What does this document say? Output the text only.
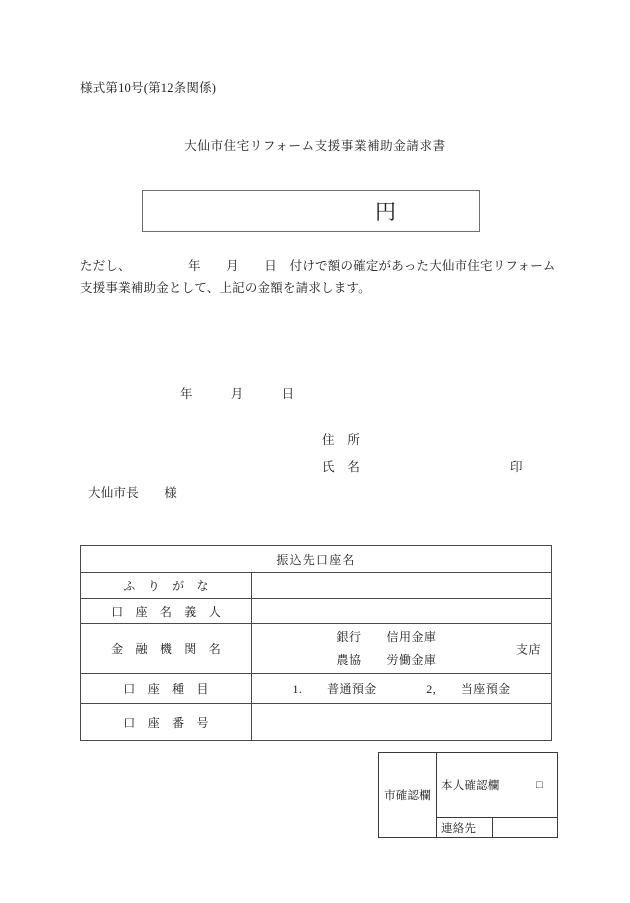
様式第10号(第12条関係)
大仙市住宅リフォーム支援事業補助金請求書
円
ただし、　　　　　年　　月　　日　付けで額の確定があった大仙市住宅リフォーム支援事業補助金として、上記の金額を請求します。
年　　　月　　　日
住　所
氏　名	印
大仙市長　　様
振込先口座名	
ふ　り　が　な	
口　座　名　義　人	
金　融　機　関　名	銀行　　信用金庫
農協　　労働金庫
支店

口　座　種　目	1.　　普通預金　　　　2,　　当座預金
口　座　番　号	
市確認欄	本人確認欄 □	

	連絡先	
